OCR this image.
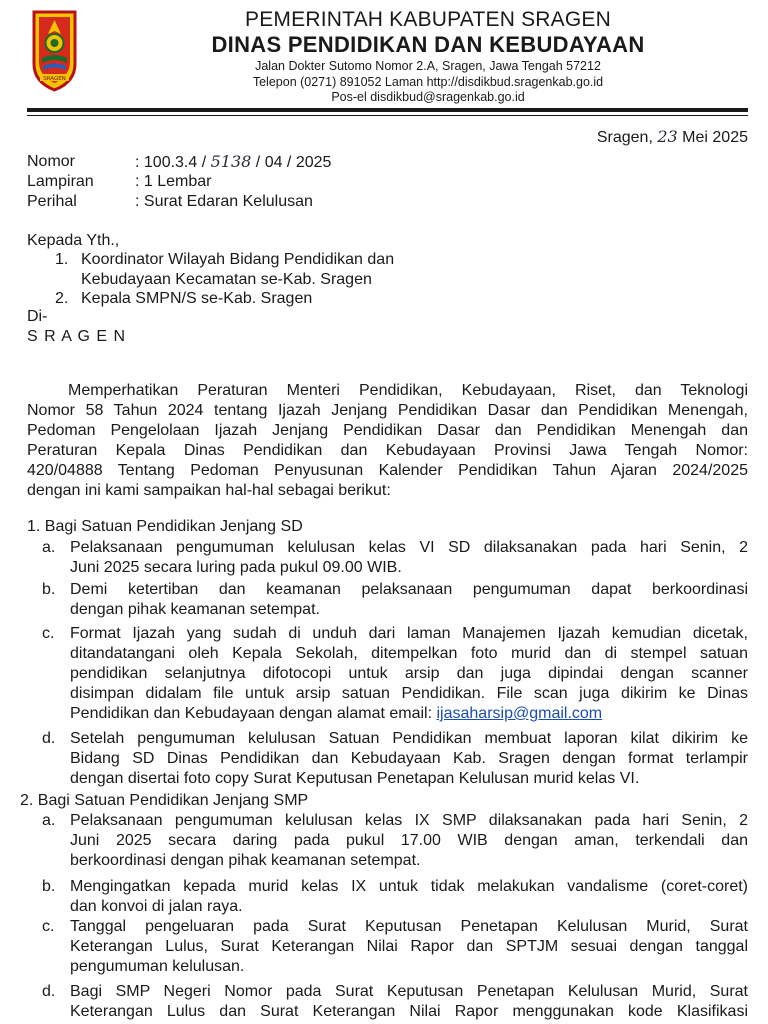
SRAGEN
PEMERINTAH KABUPATEN SRAGEN
DINAS PENDIDIKAN DAN KEBUDAYAAN
Jalan Dokter Sutomo Nomor 2.A, Sragen, Jawa Tengah 57212
Telepon (0271) 891052 Laman http://disdikbud.sragenkab.go.id
Pos-el disdikbud@sragenkab.go.id
Sragen, 23 Mei 2025
Nomor	: 100.3.4 / 5138 / 04 / 2025
Lampiran	: 1 Lembar
Perihal	: Surat Edaran Kelulusan
Kepada Yth.,
1. Koordinator Wilayah Bidang Pendidikan dan
Kebudayaan Kecamatan se-Kab. Sragen
2. Kepala SMPN/S se-Kab. Sragen
Di-
S R A G E N
Memperhatikan Peraturan Menteri Pendidikan, Kebudayaan, Riset, dan Teknologi
Nomor 58 Tahun 2024 tentang Ijazah Jenjang Pendidikan Dasar dan Pendidikan Menengah,
Pedoman Pengelolaan Ijazah Jenjang Pendidikan Dasar dan Pendidikan Menengah dan
Peraturan Kepala Dinas Pendidikan dan Kebudayaan Provinsi Jawa Tengah Nomor:
420/04888 Tentang Pedoman Penyusunan Kalender Pendidikan Tahun Ajaran 2024/2025
dengan ini kami sampaikan hal-hal sebagai berikut:
1. Bagi Satuan Pendidikan Jenjang SD
a. Pelaksanaan pengumuman kelulusan kelas VI SD dilaksanakan pada hari Senin, 2
Juni 2025 secara luring pada pukul 09.00 WIB.
b. Demi ketertiban dan keamanan pelaksanaan pengumuman dapat berkoordinasi
dengan pihak keamanan setempat.
c. Format Ijazah yang sudah di unduh dari laman Manajemen Ijazah kemudian dicetak,
ditandatangani oleh Kepala Sekolah, ditempelkan foto murid dan di stempel satuan
pendidikan selanjutnya difotocopi untuk arsip dan juga dipindai dengan scanner
disimpan didalam file untuk arsip satuan Pendidikan. File scan juga dikirim ke Dinas
Pendidikan dan Kebudayaan dengan alamat email: ijasaharsip@gmail.com
d. Setelah pengumuman kelulusan Satuan Pendidikan membuat laporan kilat dikirim ke
Bidang SD Dinas Pendidikan dan Kebudayaan Kab. Sragen dengan format terlampir
dengan disertai foto copy Surat Keputusan Penetapan Kelulusan murid kelas VI.
2. Bagi Satuan Pendidikan Jenjang SMP
a. Pelaksanaan pengumuman kelulusan kelas IX SMP dilaksanakan pada hari Senin, 2
Juni 2025 secara daring pada pukul 17.00 WIB dengan aman, terkendali dan
berkoordinasi dengan pihak keamanan setempat.
b. Mengingatkan kepada murid kelas IX untuk tidak melakukan vandalisme (coret-coret)
dan konvoi di jalan raya.
c. Tanggal pengeluaran pada Surat Keputusan Penetapan Kelulusan Murid, Surat
Keterangan Lulus, Surat Keterangan Nilai Rapor dan SPTJM sesuai dengan tanggal
pengumuman kelulusan.
d. Bagi SMP Negeri Nomor pada Surat Keputusan Penetapan Kelulusan Murid, Surat
Keterangan Lulus dan Surat Keterangan Nilai Rapor menggunakan kode Klasifikasi
